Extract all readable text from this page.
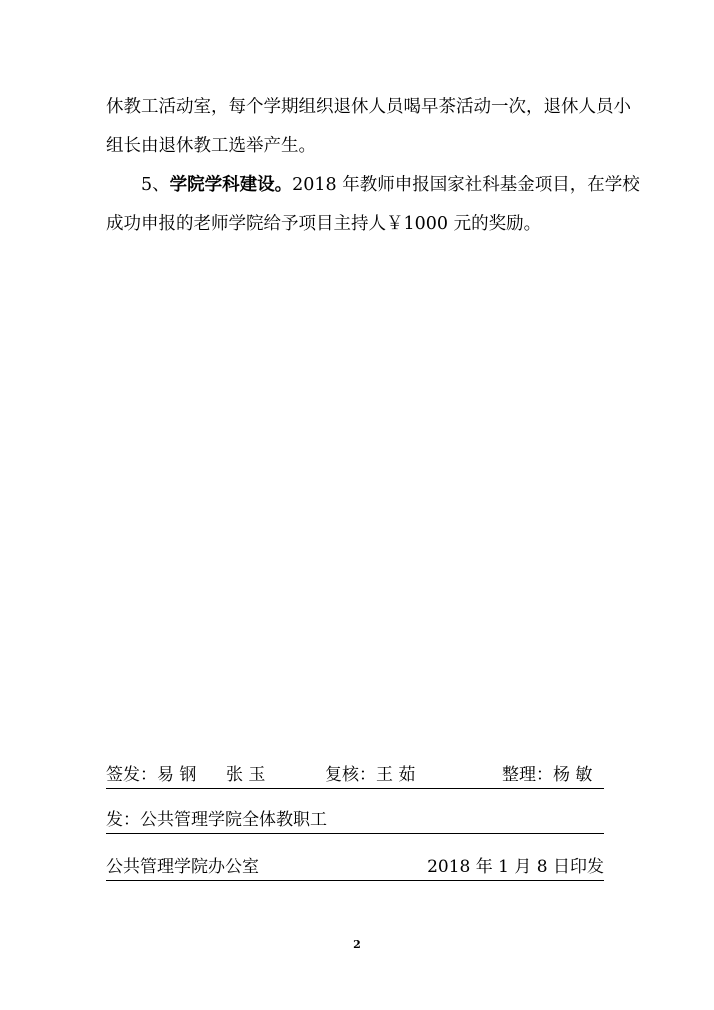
休教工活动室，每个学期组织退休人员喝早茶活动一次，退休人员小
组长由退休教工选举产生。
5、学院学科建设。2018 年教师申报国家社科基金项目，在学校
成功申报的老师学院给予项目主持人￥1000 元的奖励。
签发：易 钢 张 玉	复核：王 茹	整理：杨 敏
发：公共管理学院全体教职工
公共管理学院办公室	2018 年 1 月 8 日印发
2
